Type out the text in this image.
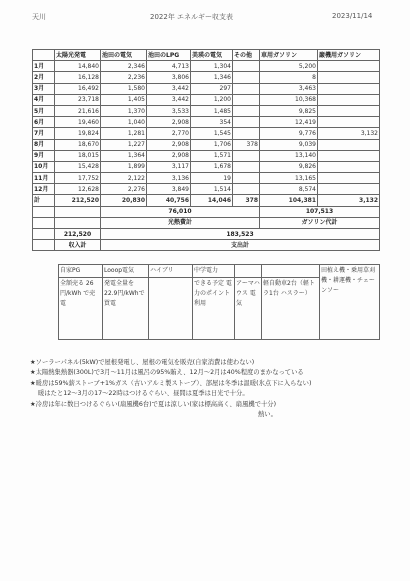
天川	2022年 エネルギー収支表	2023/11/14
	太陽光発電	池田の電気	池田のLPG	美瑛の電気	その他	車用ガソリン	巌機用ガソリン
1月	14,840	2,346	4,713	1,304		5,200	
2月	16,128	2,236	3,806	1,346		8	
3月	16,492	1,580	3,442	297		3,463	
4月	23,718	1,405	3,442	1,200		10,368	
5月	21,616	1,370	3,533	1,485		9,825	
6月	19,460	1,040	2,908	354		12,419	
7月	19,824	1,281	2,770	1,545		9,776	3,132
8月	18,670	1,227	2,908	1,706	378	9,039	
9月	18,015	1,364	2,908	1,571		13,140	
10月	15,428	1,899	3,117	1,678		9,826	
11月	17,752	2,122	3,136	19		13,165	
12月	12,628	2,276	3,849	1,514		8,574	
計	212,520	20,830	40,756	14,046	378	104,381	3,132
		76,010				107,513	
		光熱費計				ガソリン代計	
	212,520	183,523					
	収入計	支出計					
自家PG	Looop電気	ハイブリ	中学電力			田植え機・乗用草刈機・耕運機・チェーンソー
全額売る 26円/kWh で売電	発電全量を 22.9円/kWhで買電		できる予定 電力のポイント 利用	アーマハウス 電気	軽自動車2台（軽トラ1台 ハスラー）	
★ソーラーパネル(5kW)で屋根発電し、屋根の電気を販売(自家消費は使わない)
★太陽熱集熱器(300L)で3月〜11月は風呂の95%賄え、12月〜2月は40%程度のまかなっている
★暖房は59%薪ストーブ+1%ガス（古いアルミ製ストーブ）、部屋は冬季は温暖(氷点下に入らない)
暖はたと12〜3月の17〜22時はつけるぐらい、昼間は夏季は日光で十分。
★冷房は年に数日つけるぐらい(扇風機6台)で夏は涼しい(家は標高高く、扇風機で十分)
熱い。
